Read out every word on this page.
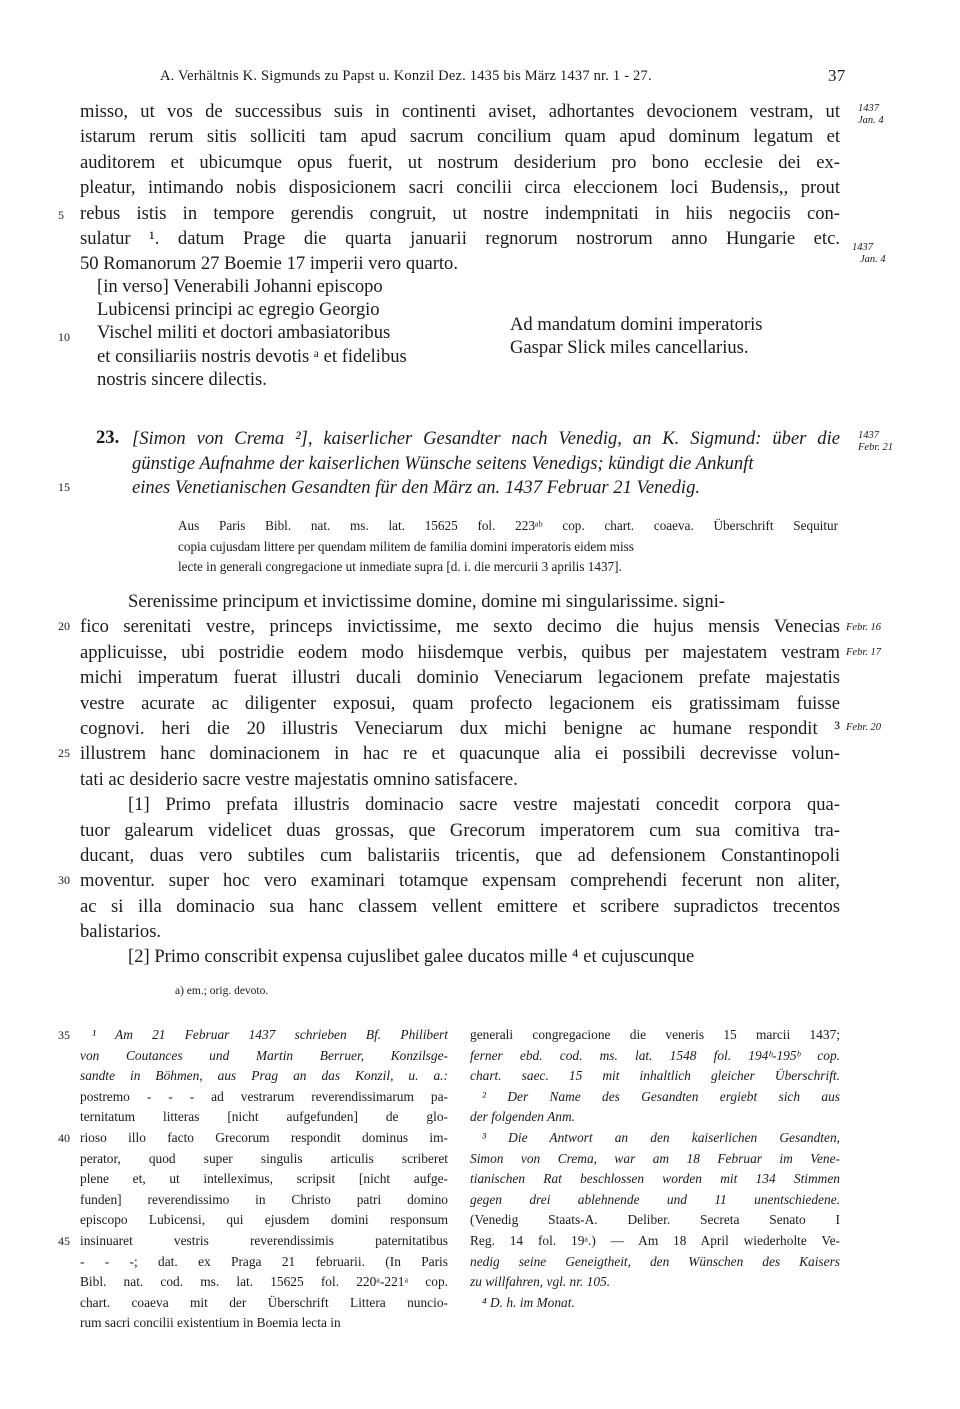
A. Verhältnis K. Sigmunds zu Papst u. Konzil Dez. 1435 bis März 1437 nr. 1 - 27.	37
misso, ut vos de successibus suis in continenti aviset, adhortantes devocionem vestram, ut
istarum rerum sitis solliciti tam apud sacrum concilium quam apud dominum legatum et
auditorem et ubicumque opus fuerit, ut nostrum desiderium pro bono ecclesie dei ex-
pleatur, intimando nobis disposicionem sacri concilii circa eleccionem loci Budensis,, prout
rebus istis in tempore gerendis congruit, ut nostre indempnitati in hiis negociis con-
sulatur ¹. datum Prage die quarta januarii regnorum nostrorum anno Hungarie etc.
50 Romanorum 27 Boemie 17 imperii vero quarto.
5
1437
Jan. 4
1437
Jan. 4
[in verso] Venerabili Johanni episcopo
Lubicensi principi ac egregio Georgio
Vischel militi et doctori ambasiatoribus
et consiliariis nostris devotis ᵃ et fidelibus
nostris sincere dilectis.
10
Ad mandatum domini imperatoris
Gaspar Slick miles cancellarius.
23. [Simon von Crema ²], kaiserlicher Gesandter nach Venedig, an K. Sigmund: über die
günstige Aufnahme der kaiserlichen Wünsche seitens Venedigs; kündigt die Ankunft
eines Venetianischen Gesandten für den März an. 1437 Februar 21 Venedig.
15
1437
Febr. 21
Aus Paris Bibl. nat. ms. lat. 15625 fol. 223ᵃᵇ cop. chart. coaeva. Überschrift Sequitur
copia cujusdam littere per quendam militem de familia domini imperatoris eidem miss
lecte in generali congregacione ut inmediate supra [d. i. die mercurii 3 aprilis 1437].
Serenissime principum et invictissime domine, domine mi singularissime. signi-
fico serenitati vestre, princeps invictissime, me sexto decimo die hujus mensis Venecias
applicuisse, ubi postridie eodem modo hiisdemque verbis, quibus per majestatem vestram
michi imperatum fuerat illustri ducali dominio Veneciarum legacionem prefate majestatis
vestre acurate ac diligenter exposui, quam profecto legacionem eis gratissimam fuisse
cognovi. heri die 20 illustris Veneciarum dux michi benigne ac humane respondit ³
illustrem hanc dominacionem in hac re et quacunque alia ei possibili decrevisse volun-
tati ac desiderio sacre vestre majestatis omnino satisfacere.
[1] Primo prefata illustris dominacio sacre vestre majestati concedit corpora qua-
tuor galearum videlicet duas grossas, que Grecorum imperatorem cum sua comitiva tra-
ducant, duas vero subtiles cum balistariis tricentis, que ad defensionem Constantinopoli
moventur. super hoc vero examinari totamque expensam comprehendi fecerunt non aliter,
ac si illa dominacio sua hanc classem vellent emittere et scribere supradictos trecentos
balistarios.
[2] Primo conscribit expensa cujuslibet galee ducatos mille ⁴ et cujuscunque
20
25
30
Febr. 16
Febr. 17
Febr. 20
a) em.; orig. devoto.
¹ Am 21 Februar 1437 schrieben Bf. Philibert
von Coutances und Martin Berruer, Konzilsge-
sandte in Böhmen, aus Prag an das Konzil, u. a.:
postremo - - - ad vestrarum reverendissimarum pa-
ternitatum litteras [nicht aufgefunden] de glo-
rioso illo facto Grecorum respondit dominus im-
perator, quod super singulis articulis scriberet
plene et, ut intelleximus, scripsit [nicht aufge-
funden] reverendissimo in Christo patri domino
episcopo Lubicensi, qui ejusdem domini responsum
insinuaret vestris reverendissimis paternitatibus
- - -; dat. ex Praga 21 februarii. (In Paris
Bibl. nat. cod. ms. lat. 15625 fol. 220ᵃ-221ᵃ cop.
chart. coaeva mit der Überschrift Littera nuncio-
rum sacri concilii existentium in Boemia lecta in
35
40
45
generali congregacione die veneris 15 marcii 1437;
ferner ebd. cod. ms. lat. 1548 fol. 194ᵇ-195ᵇ cop.
chart. saec. 15 mit inhaltlich gleicher Überschrift.
² Der Name des Gesandten ergiebt sich aus
der folgenden Anm.
³ Die Antwort an den kaiserlichen Gesandten,
Simon von Crema, war am 18 Februar im Vene-
tianischen Rat beschlossen worden mit 134 Stimmen
gegen drei ablehnende und 11 unentschiedene.
(Venedig Staats-A. Deliber. Secreta Senato I
Reg. 14 fol. 19ᵃ.) — Am 18 April wiederholte Ve-
nedig seine Geneigtheit, den Wünschen des Kaisers
zu willfahren, vgl. nr. 105.
⁴ D. h. im Monat.
